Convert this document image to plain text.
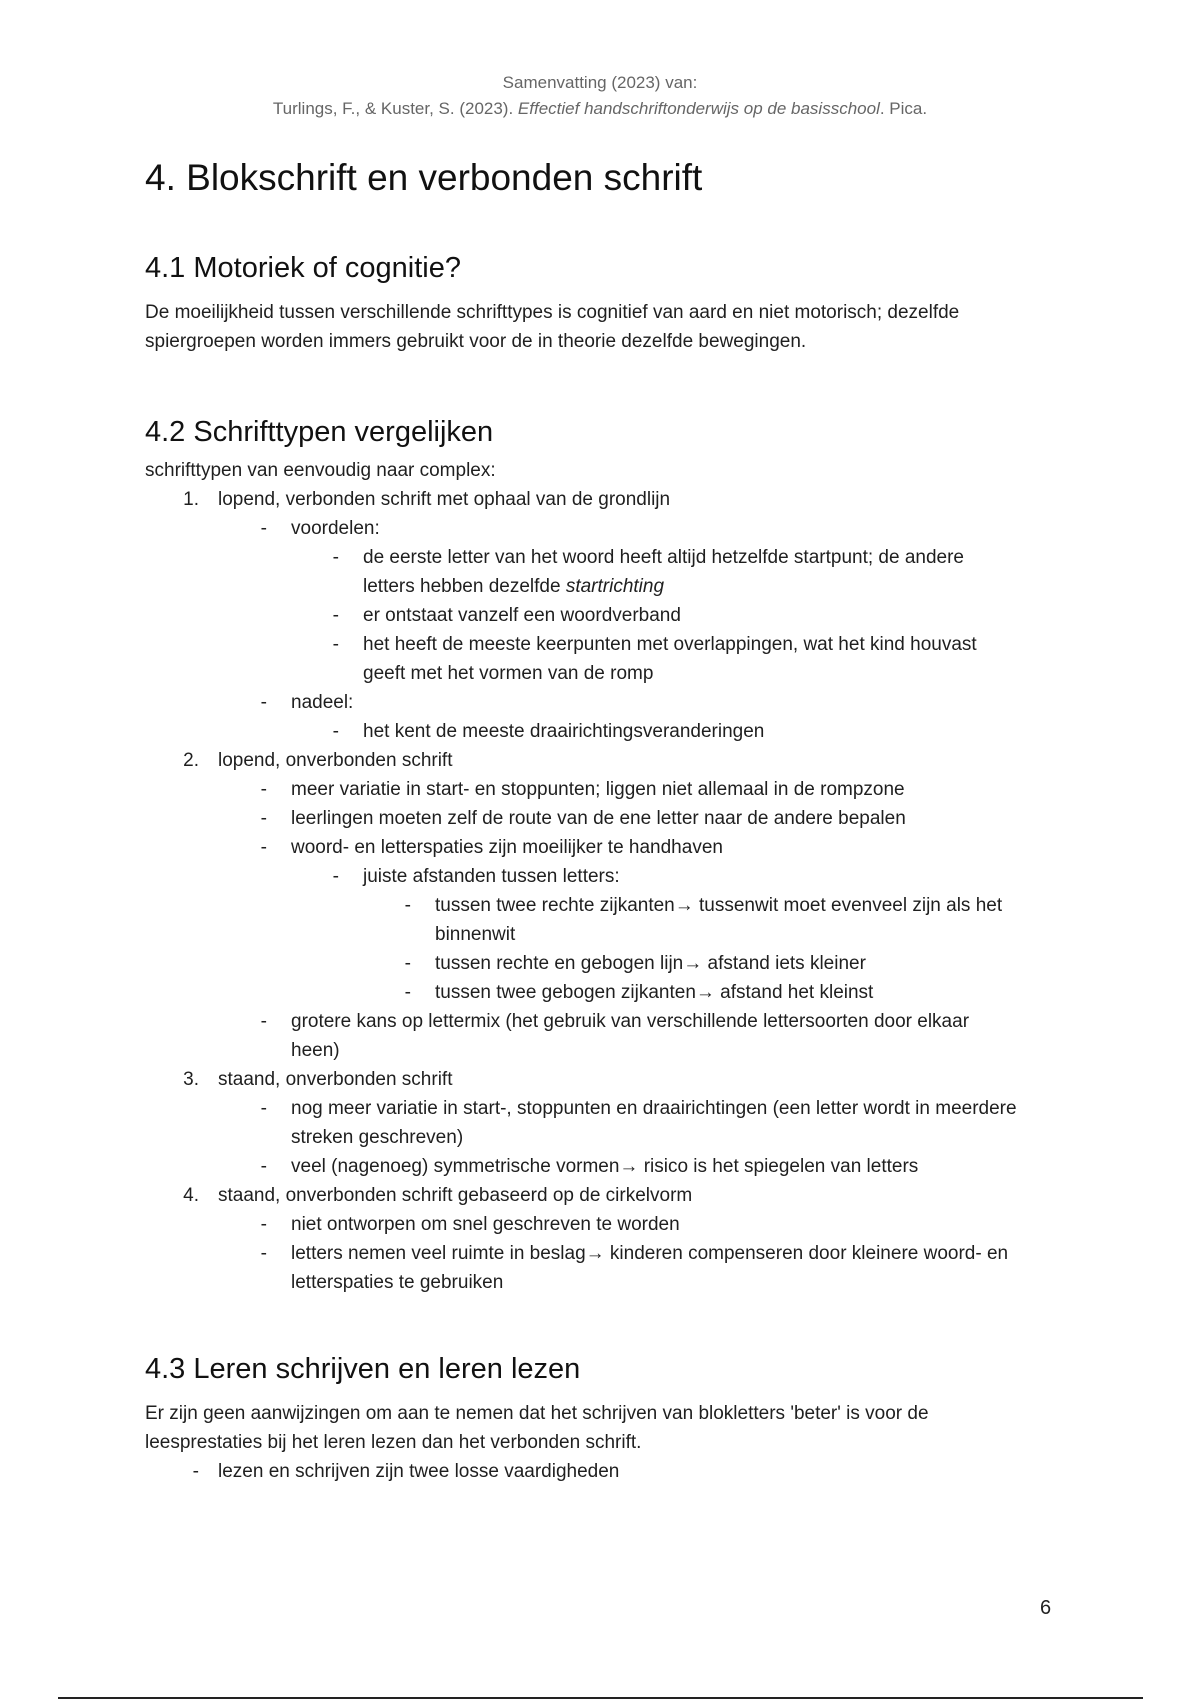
Samenvatting (2023) van:
Turlings, F., & Kuster, S. (2023). Effectief handschriftonderwijs op de basisschool. Pica.
4. Blokschrift en verbonden schrift
4.1 Motoriek of cognitie?

De moeilijkheid tussen verschillende schrifttypes is cognitief van aard en niet motorisch; dezelfde spiergroepen worden immers gebruikt voor de in theorie dezelfde bewegingen.

4.2 Schrifttypen vergelijken

schrifttypen van eenvoudig naar complex:

1. lopend, verbonden schrift met ophaal van de grondlijn
- voordelen:
- de eerste letter van het woord heeft altijd hetzelfde startpunt; de andere letters hebben dezelfde startrichting
- er ontstaat vanzelf een woordverband
- het heeft de meeste keerpunten met overlappingen, wat het kind houvast geeft met het vormen van de romp
- nadeel:
- het kent de meeste draairichtingsveranderingen
2. lopend, onverbonden schrift
- meer variatie in start- en stoppunten; liggen niet allemaal in de rompzone
- leerlingen moeten zelf de route van de ene letter naar de andere bepalen
- woord- en letterspaties zijn moeilijker te handhaven
- juiste afstanden tussen letters:
- tussen twee rechte zijkanten→ tussenwit moet evenveel zijn als het binnenwit
- tussen rechte en gebogen lijn→ afstand iets kleiner
- tussen twee gebogen zijkanten→ afstand het kleinst
- grotere kans op lettermix (het gebruik van verschillende lettersoorten door elkaar heen)
3. staand, onverbonden schrift
- nog meer variatie in start-, stoppunten en draairichtingen (een letter wordt in meerdere streken geschreven)
- veel (nagenoeg) symmetrische vormen→ risico is het spiegelen van letters
4. staand, onverbonden schrift gebaseerd op de cirkelvorm
- niet ontworpen om snel geschreven te worden
- letters nemen veel ruimte in beslag→ kinderen compenseren door kleinere woord- en letterspaties te gebruiken
4.3 Leren schrijven en leren lezen

Er zijn geen aanwijzingen om aan te nemen dat het schrijven van blokletters 'beter' is voor de leesprestaties bij het leren lezen dan het verbonden schrift.

- lezen en schrijven zijn twee losse vaardigheden
6
